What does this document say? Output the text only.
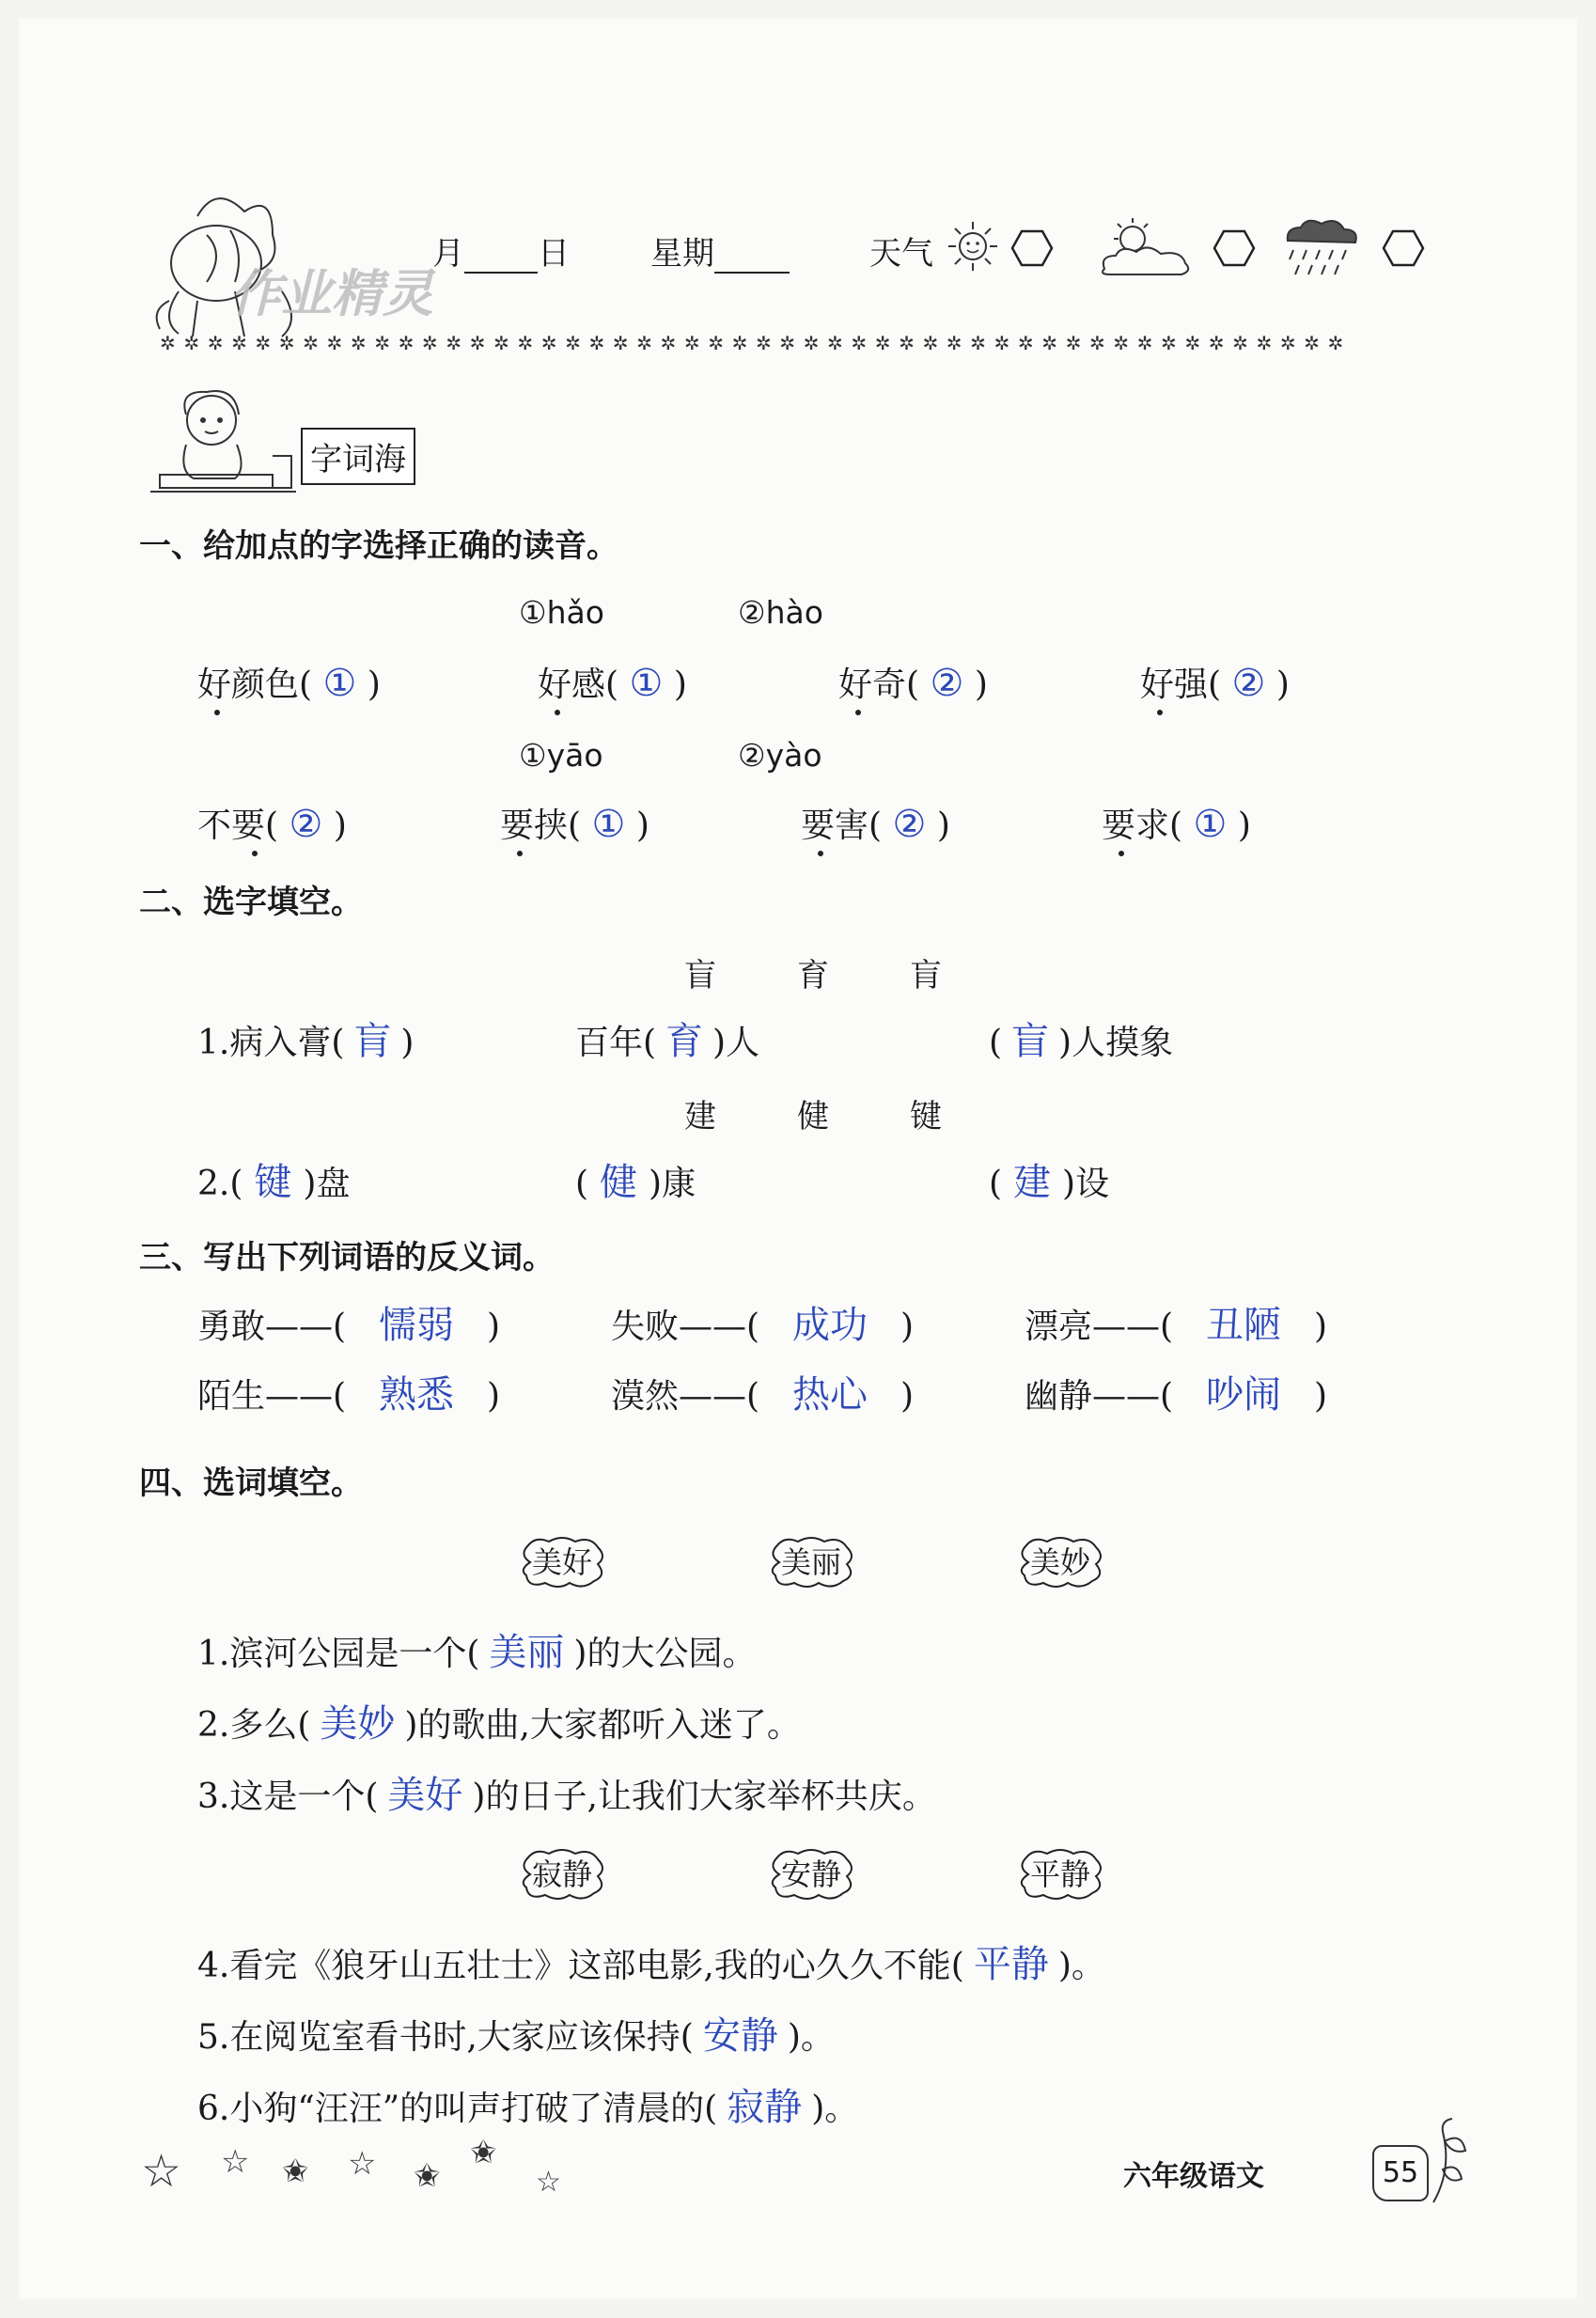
作业精灵
月 日	星期	天气
✲✲✲✲✲✲✲✲✲✲✲✲✲✲✲✲✲✲✲✲✲✲✲✲✲✲✲✲✲✲✲✲✲✲✲✲✲✲✲✲✲✲✲✲✲✲✲✲✲✲
字词海
一、给加点的字选择正确的读音。
①hǎo	②hào
好颜色( ① )	好感( ① )	好奇( ② )	好强( ② )
①yāo	②yào
不要( ② )	要挟( ① )	要害( ② )	要求( ① )
二、选字填空。
盲	育	肓
1.病入膏( 肓 )	百年( 育 )人	( 盲 )人摸象
建	健	键
2.( 键 )盘	( 健 )康	( 建 )设
三、写出下列词语的反义词。
勇敢——( 懦弱 )	失败——( 成功 )	漂亮——( 丑陋 )
陌生——( 熟悉 )	漠然——( 热心 )	幽静——( 吵闹 )
四、选词填空。
美好	美丽	美妙
1.滨河公园是一个( 美丽 )的大公园。
2.多么( 美妙 )的歌曲,大家都听入迷了。
3.这是一个( 美好 )的日子,让我们大家举杯共庆。
寂静	安静	平静
4.看完《狼牙山五壮士》这部电影,我的心久久不能( 平静 )。
5.在阅览室看书时,大家应该保持( 安静 )。
6.小狗“汪汪”的叫声打破了清晨的( 寂静 )。
☆ ☆ ✬ ☆ ✬
✬
☆	六年级语文	55
